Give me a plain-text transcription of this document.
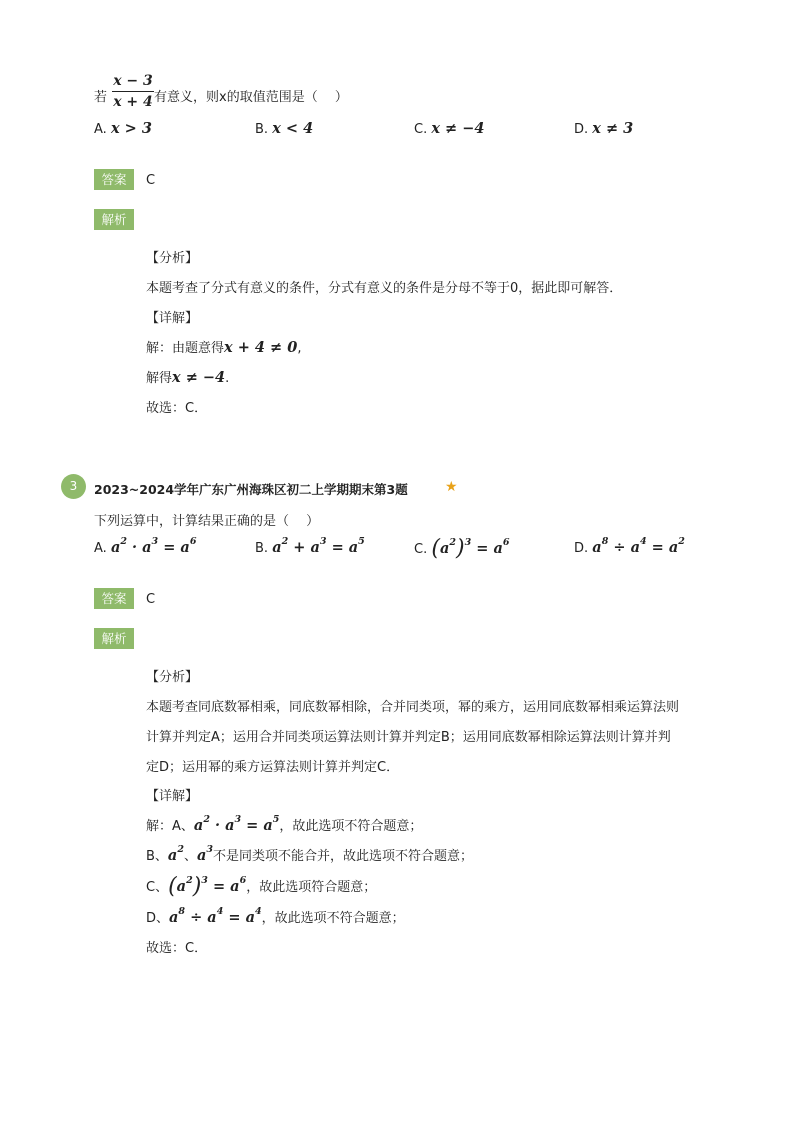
若
x − 3
x + 4 有意义，则x的取值范围是（　 ）
A. x > 3	B. x < 4	C. x ≠ −4	D. x ≠ 3
答案	C
解析
【分析】
本题考查了分式有意义的条件，分式有意义的条件是分母不等于0，据此即可解答．
【详解】
解：由题意得x + 4 ≠ 0,
解得x ≠ −4.
故选：C．
3	2023~2024学年广东广州海珠区初二上学期期末第3题	★
下列运算中，计算结果正确的是（　 ）
A. $a^2 \cdot a^3 = a^6$	B. $a^2 + a^3 = a^5$
C. $(a^2)^3 = a^6$	D. $a^8 \div a^4 = a^2$
答案	C
解析
【分析】
本题考查同底数幂相乘，同底数幂相除，合并同类项，幂的乘方，运用同底数幂相乘运算法则
计算并判定A；运用合并同类项运算法则计算并判定B；运用同底数幂相除运算法则计算并判
定D；运用幂的乘方运算法则计算并判定C．
【详解】
解：A、$a^2 \cdot a^3 = a^5$，故此选项不符合题意；
B、$a^2$、$a^3$不是同类项不能合并，故此选项不符合题意；
C、$(a^2)^3 = a^6$，故此选项符合题意；
D、$a^8 \div a^4 = a^4$，故此选项不符合题意；
故选：C．
